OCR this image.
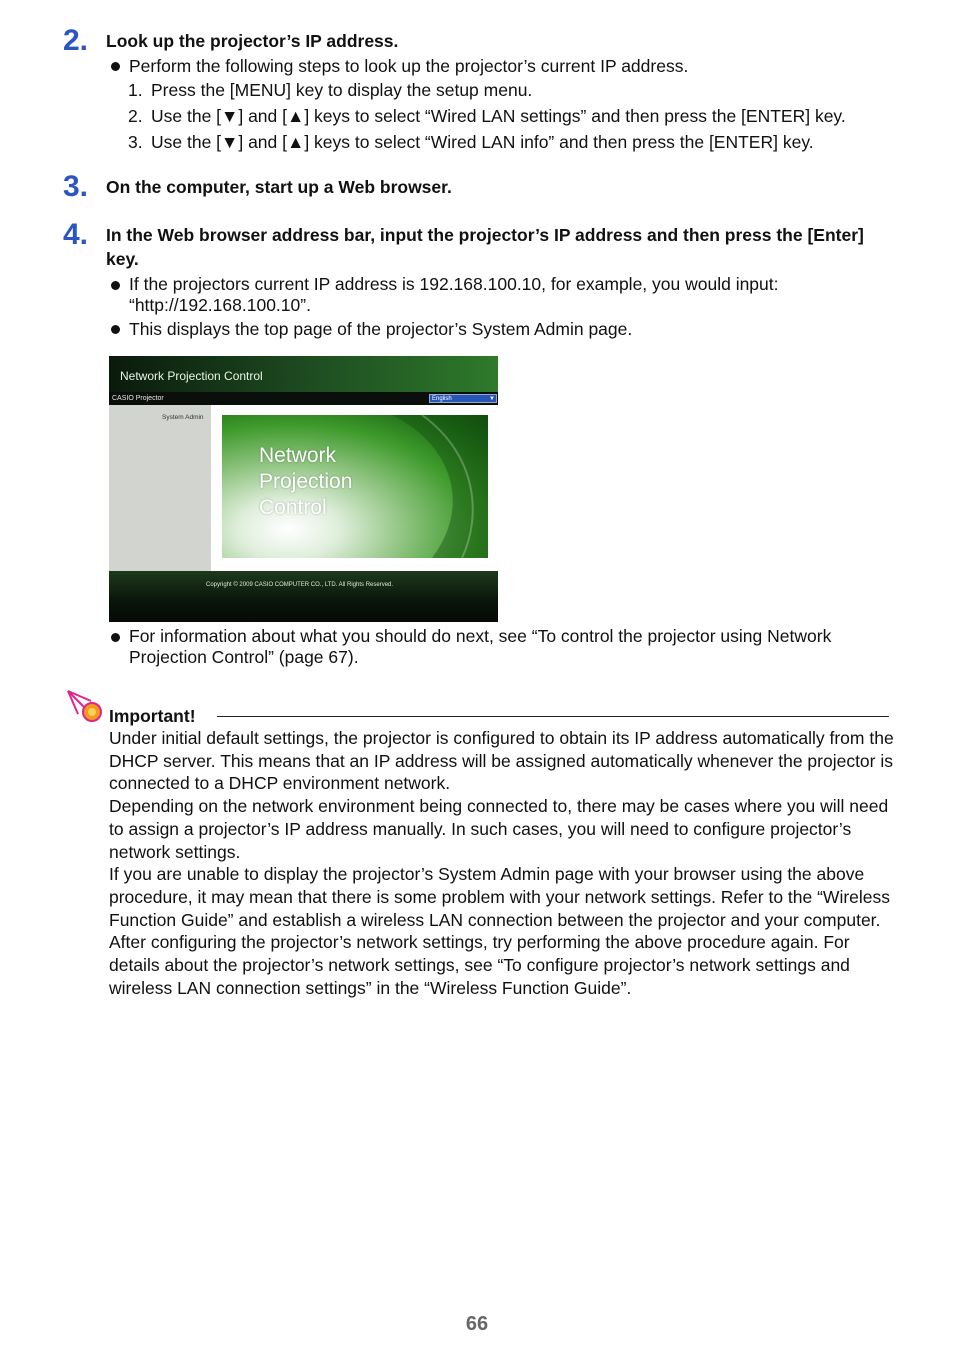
2.	Look up the projector’s IP address.
Perform the following steps to look up the projector’s current IP address.
1. Press the [MENU] key to display the setup menu.
2. Use the [▼] and [▲] keys to select “Wired LAN settings” and then press the [ENTER] key.
3. Use the [▼] and [▲] keys to select “Wired LAN info” and then press the [ENTER] key.
3.	On the computer, start up a Web browser.
4.	In the Web browser address bar, input the projector’s IP address and then press the [Enter] key.
If the projectors current IP address is 192.168.100.10, for example, you would input: “http://192.168.100.10”.
This displays the top page of the projector’s System Admin page.
Network Projection Control
CASIO Projector	English	▼
System Admin
Network
Projection
Control
Copyright © 2009 CASIO COMPUTER CO., LTD. All Rights Reserved.
For information about what you should do next, see “To control the projector using Network Projection Control” (page 67).
Important!

Under initial default settings, the projector is configured to obtain its IP address automatically from the DHCP server. This means that an IP address will be assigned automatically whenever the projector is connected to a DHCP environment network.

Depending on the network environment being connected to, there may be cases where you will need to assign a projector’s IP address manually. In such cases, you will need to configure projector’s network settings.

If you are unable to display the projector’s System Admin page with your browser using the above procedure, it may mean that there is some problem with your network settings. Refer to the “Wireless Function Guide” and establish a wireless LAN connection between the projector and your computer. After configuring the projector’s network settings, try performing the above procedure again. For details about the projector’s network settings, see “To configure projector’s network settings and wireless LAN connection settings” in the “Wireless Function Guide”.

66
